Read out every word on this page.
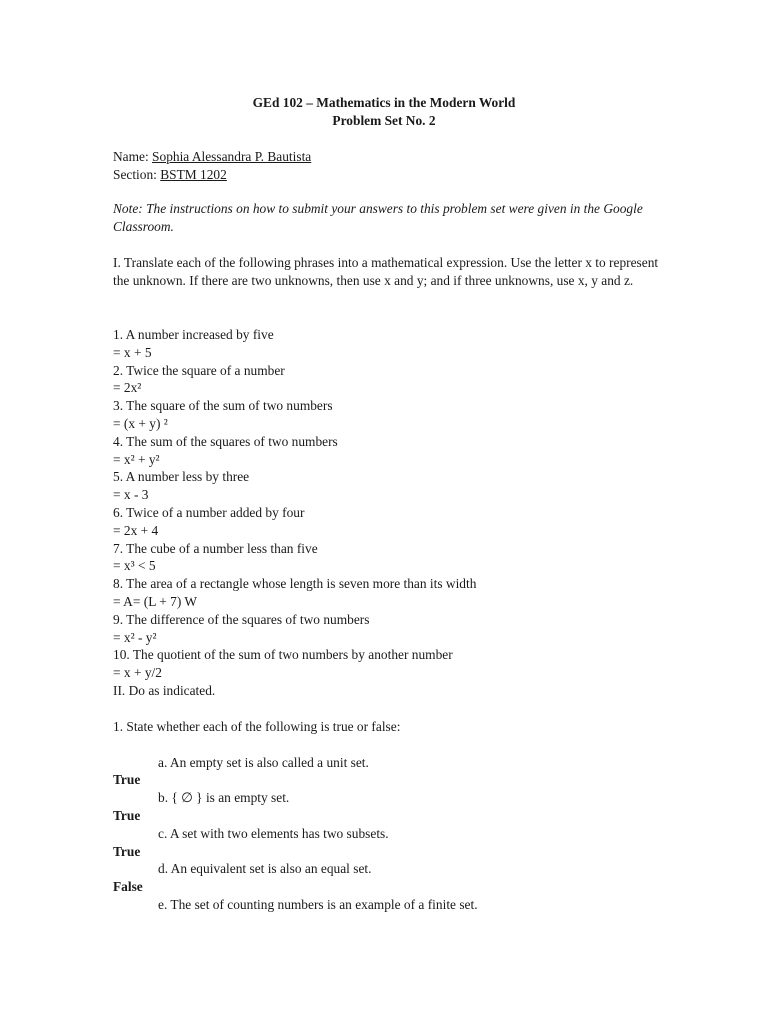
GEd 102 – Mathematics in the Modern World
Problem Set No. 2
Name: Sophia Alessandra P. Bautista
Section: BSTM 1202
Note: The instructions on how to submit your answers to this problem set were given in the Google Classroom.
I. Translate each of the following phrases into a mathematical expression. Use the letter x to represent the unknown. If there are two unknowns, then use x and y; and if three unknowns, use x, y and z.
1. A number increased by five
= x + 5
2. Twice the square of a number
= 2x²
3. The square of the sum of two numbers
= (x + y) ²
4. The sum of the squares of two numbers
= x² + y²
5. A number less by three
= x - 3
6. Twice of a number added by four
= 2x + 4
7. The cube of a number less than five
= x³ < 5
8. The area of a rectangle whose length is seven more than its width
= A= (L + 7) W
9. The difference of the squares of two numbers
= x² - y²
10. The quotient of the sum of two numbers by another number
= x + y/2
II. Do as indicated.
1. State whether each of the following is true or false:
a. An empty set is also called a unit set.
True
b. { ∅ } is an empty set.
True
c. A set with two elements has two subsets.
True
d. An equivalent set is also an equal set.
False
e. The set of counting numbers is an example of a finite set.
